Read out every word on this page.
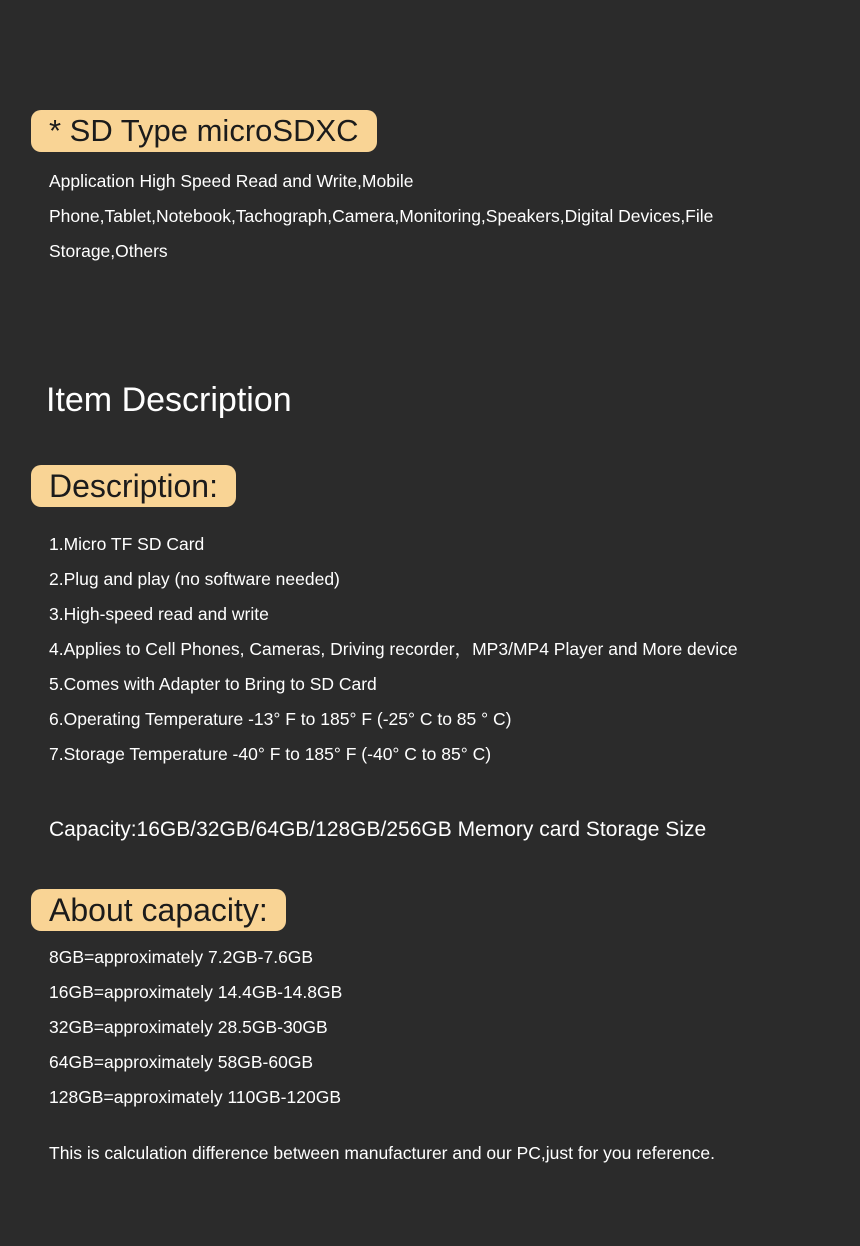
* SD Type microSDXC
Application High Speed Read and Write,Mobile
Phone,Tablet,Notebook,Tachograph,Camera,Monitoring,Speakers,Digital Devices,File
Storage,Others
Item Description
Description:
1.Micro TF SD Card
2.Plug and play (no software needed)
3.High-speed read and write
4.Applies to Cell Phones, Cameras, Driving recorder，MP3/MP4 Player and More device
5.Comes with Adapter to Bring to SD Card
6.Operating Temperature -13° F to 185° F (-25° C to 85 ° C)
7.Storage Temperature -40° F to 185° F (-40° C to 85° C)
Capacity:16GB/32GB/64GB/128GB/256GB Memory card Storage Size
About capacity:
8GB=approximately 7.2GB-7.6GB
16GB=approximately 14.4GB-14.8GB
32GB=approximately 28.5GB-30GB
64GB=approximately 58GB-60GB
128GB=approximately 110GB-120GB
This is calculation difference between manufacturer and our PC,just for you reference.
